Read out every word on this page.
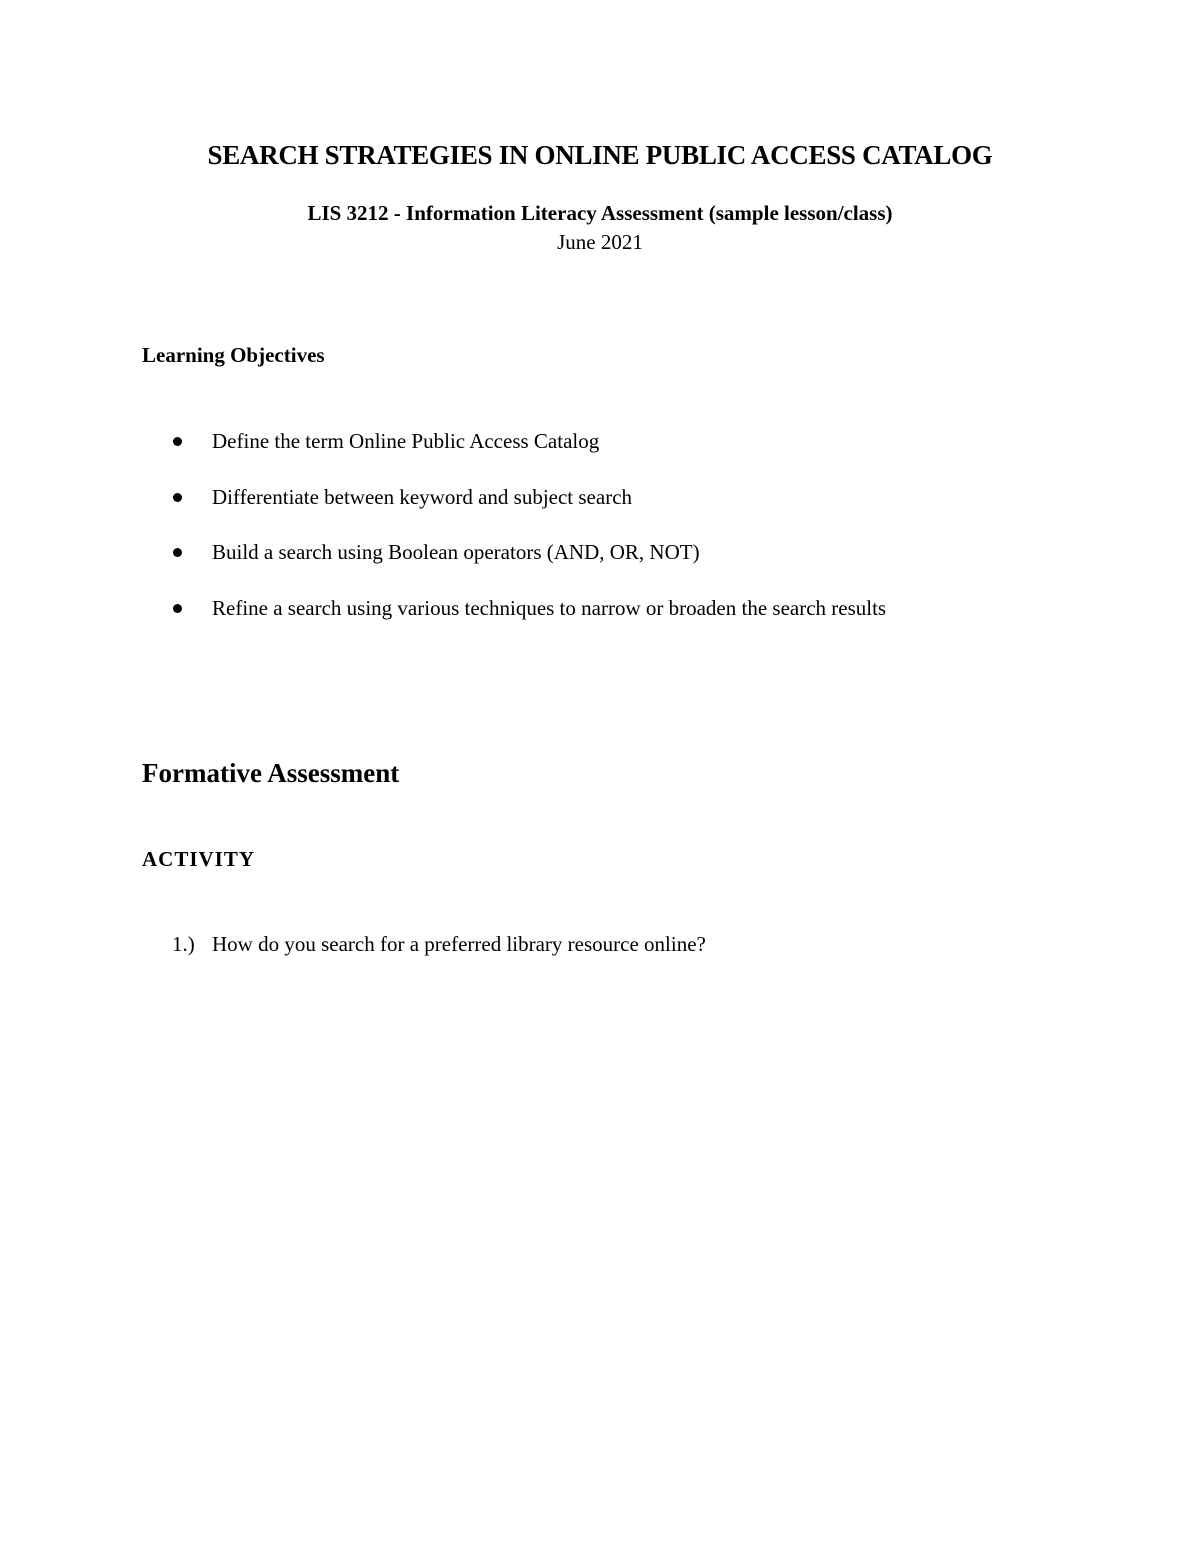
SEARCH STRATEGIES IN ONLINE PUBLIC ACCESS CATALOG

LIS 3212 - Information Literacy Assessment (sample lesson/class)

June 2021

Learning Objectives
Define the term Online Public Access Catalog
Differentiate between keyword and subject search
Build a search using Boolean operators (AND, OR, NOT)
Refine a search using various techniques to narrow or broaden the search results
Formative Assessment
ACTIVITY
1.) How do you search for a preferred library resource online?
